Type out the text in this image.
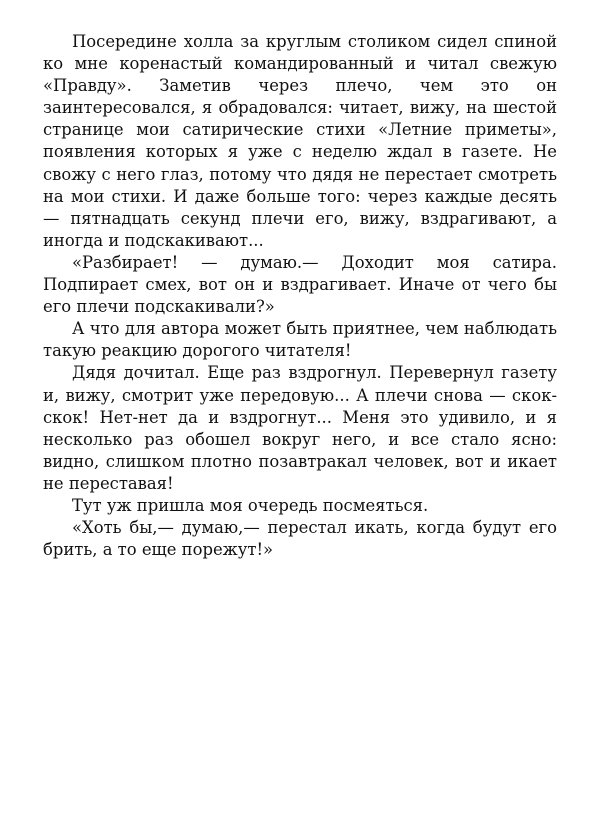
Посередине холла за круглым столиком сидел спиной ко мне коренастый командированный и читал свежую «Правду». Заметив через плечо, чем это он заинтересовался, я обрадовался: читает, вижу, на шестой странице мои сатирические стихи «Летние приметы», появления которых я уже с неделю ждал в газете. Не свожу с него глаз, потому что дядя не перестает смотреть на мои стихи. И даже больше того: через каждые десять — пятнадцать секунд плечи его, вижу, вздрагивают, а иногда и подскакивают...

«Разбирает! — думаю.— Доходит моя сатира. Подпирает смех, вот он и вздрагивает. Иначе от чего бы его плечи подскакивали?»

А что для автора может быть приятнее, чем наблюдать такую реакцию дорогого читателя!

Дядя дочитал. Еще раз вздрогнул. Перевернул газету и, вижу, смотрит уже передовую... А плечи снова — скок-скок! Нет-нет да и вздрогнут... Меня это удивило, и я несколько раз обошел вокруг него, и все стало ясно: видно, слишком плотно позавтракал человек, вот и икает не переставая!

Тут уж пришла моя очередь посмеяться.

«Хоть бы,— думаю,— перестал икать, когда будут его брить, а то еще порежут!»
